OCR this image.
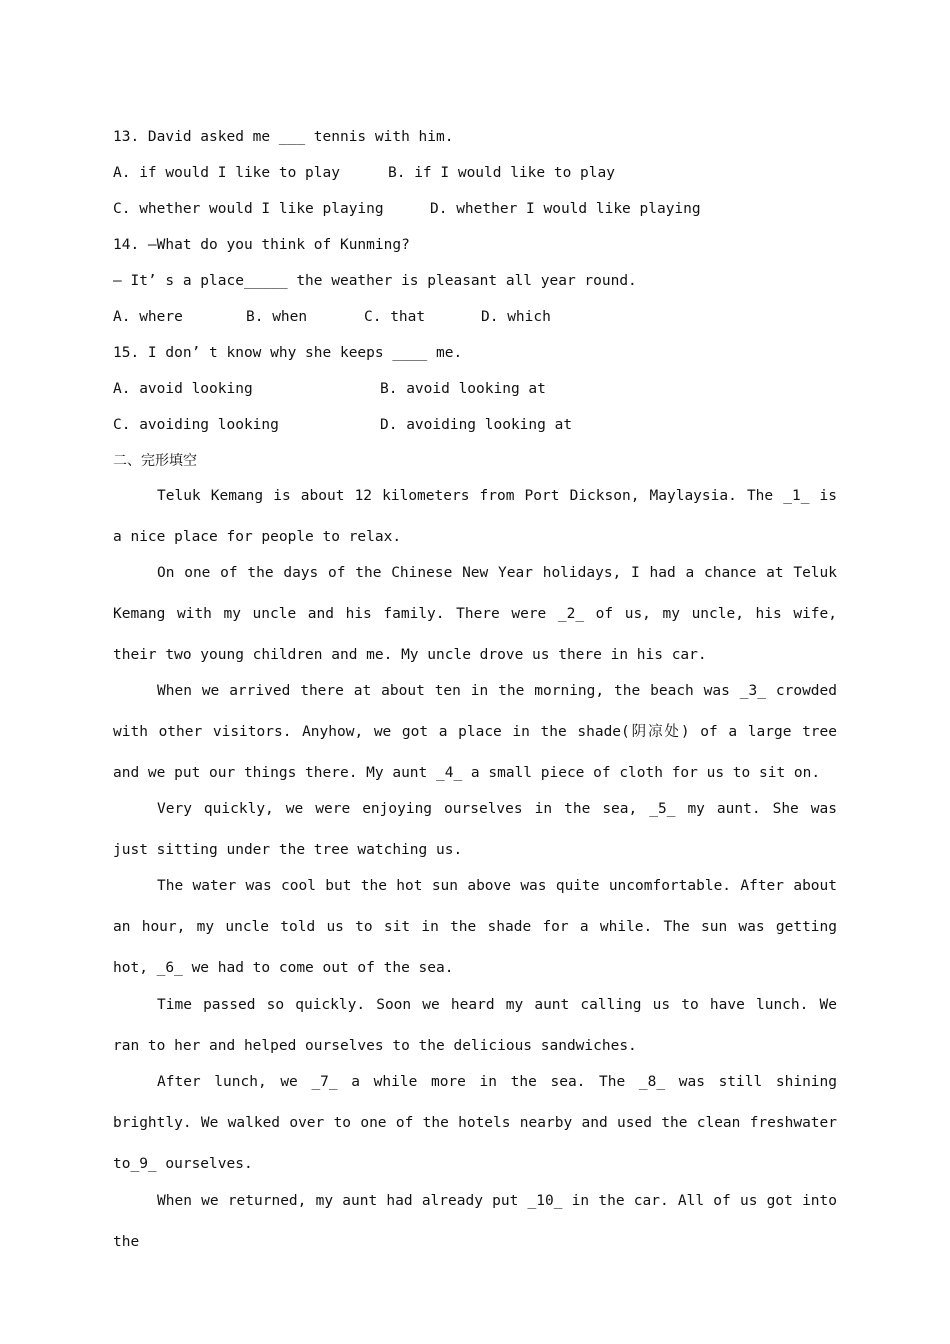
13. David asked me ___ tennis with him.
A. if would I like to play	B. if I would like to play
C. whether would I like playing	D. whether I would like playing
14. —What do you think of Kunming?
— It’ s a place_____ the weather is pleasant all year round.
A. where	B. when	C. that	D. which
15. I don’ t know why she keeps ____ me.
A. avoid looking	B. avoid looking at
C. avoiding looking	D. avoiding looking at
二、完形填空
Teluk Kemang is about 12 kilometers from Port Dickson, Maylaysia. The _1_ is a nice place for people to relax.
On one of the days of the Chinese New Year holidays, I had a chance at Teluk Kemang with my uncle and his family. There were _2_ of us, my uncle, his wife, their two young children and me. My uncle drove us there in his car.
When we arrived there at about ten in the morning, the beach was _3_ crowded with other visitors. Anyhow, we got a place in the shade(阴凉处) of a large tree and we put our things there. My aunt _4_ a small piece of cloth for us to sit on.
Very quickly, we were enjoying ourselves in the sea, _5_ my aunt. She was just sitting under the tree watching us.
The water was cool but the hot sun above was quite uncomfortable. After about an hour, my uncle told us to sit in the shade for a while. The sun was getting hot, _6_ we had to come out of the sea.
Time passed so quickly. Soon we heard my aunt calling us to have lunch. We ran to her and helped ourselves to the delicious sandwiches.
After lunch, we _7_ a while more in the sea. The _8_ was still shining brightly. We walked over to one of the hotels nearby and used the clean freshwater to_9_ ourselves.
When we returned, my aunt had already put _10_ in the car. All of us got into the
